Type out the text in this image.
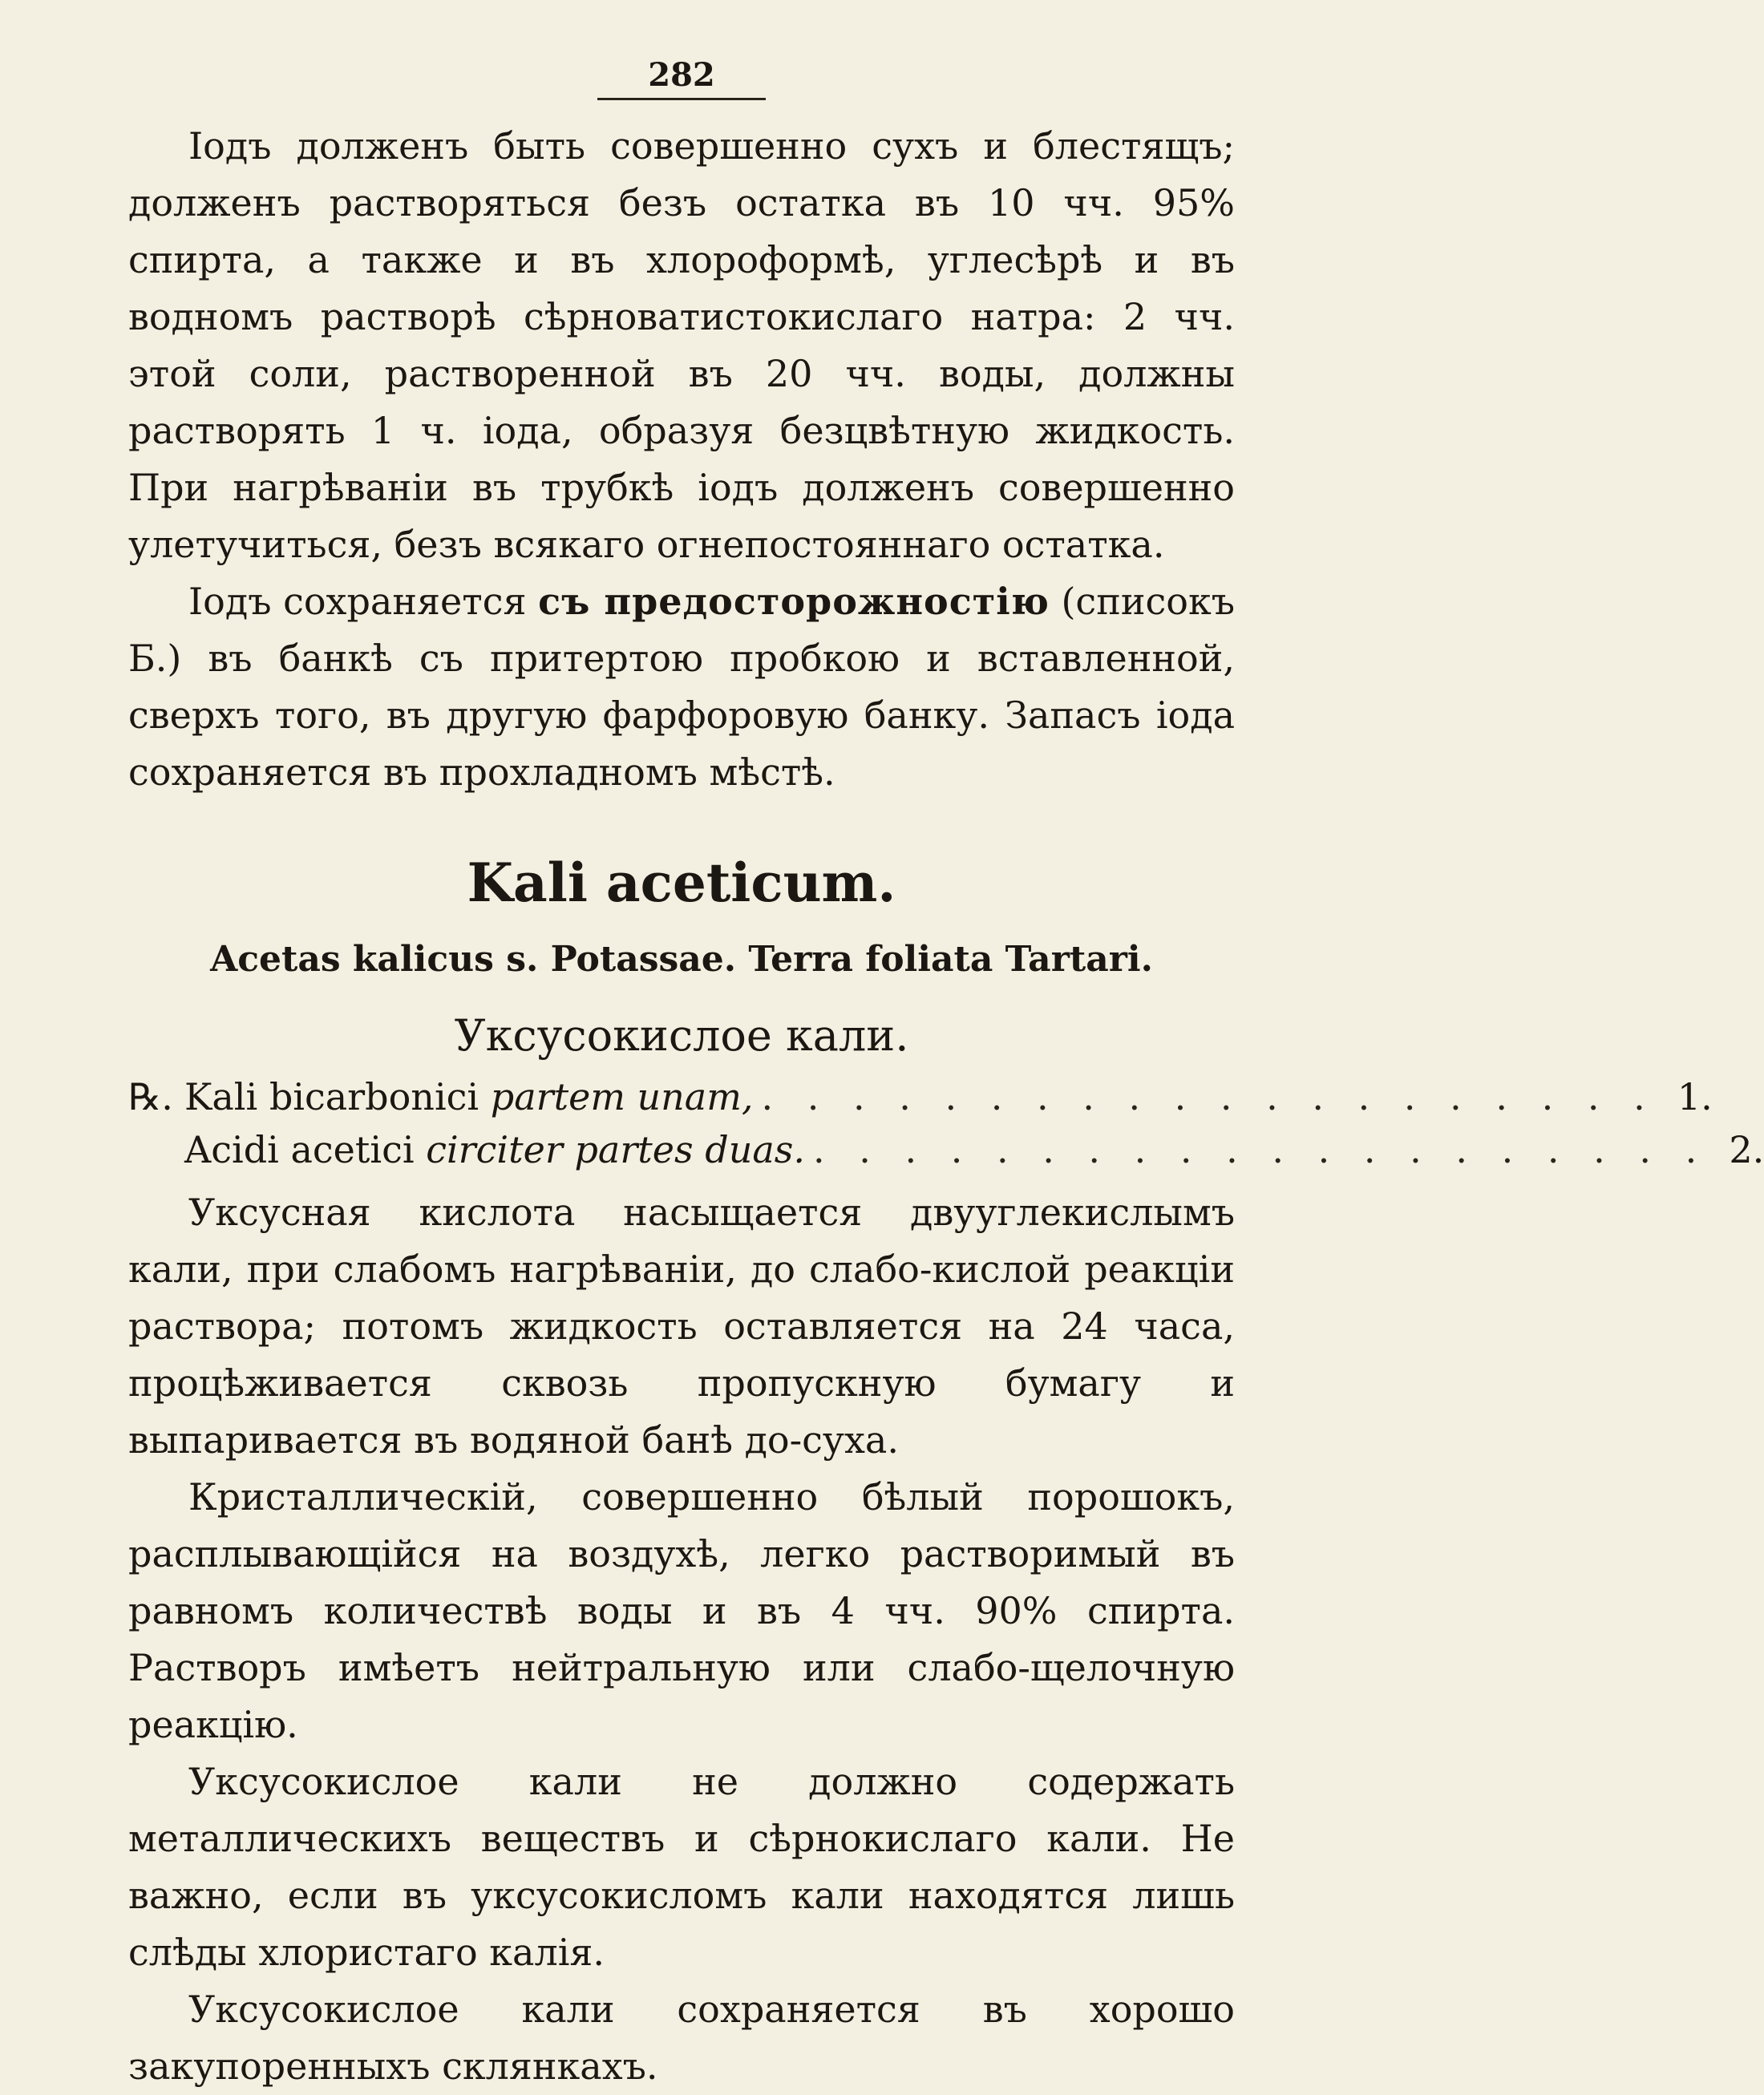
282

Іодъ долженъ быть совершенно сухъ и блестящъ; долженъ растворяться безъ остатка въ 10 чч. 95% спирта, а также и въ хлороформѣ, углесѣрѣ и въ водномъ растворѣ сѣрноватистокислаго натра: 2 чч. этой соли, растворенной въ 20 чч. воды, должны растворять 1 ч. іода, образуя безцвѣтную жидкость. При нагрѣваніи въ трубкѣ іодъ долженъ совершенно улетучиться, безъ всякаго огнепостояннаго остатка.

Іодъ сохраняется съ предосторожностію (списокъ Б.) въ банкѣ съ притертою пробкою и вставленной, сверхъ того, въ другую фарфоровую банку. Запасъ іода сохраняется въ прохладномъ мѣстѣ.

Kali aceticum.
Acetas kalicus s. Potassae. Terra foliata Tartari.
Уксусокислое кали.
℞. Kali bicarbonici partem unam, . . . . . . . . . . . . . . . . . . . . 1.
Acidi acetici circiter partes duas. . . . . . . . . . . . . . . . . . . . . 2.

Уксусная кислота насыщается двууглекислымъ кали, при слабомъ нагрѣваніи, до слабо-кислой реакціи раствора; потомъ жидкость оставляется на 24 часа, процѣживается сквозь пропускную бумагу и выпаривается въ водяной банѣ до-суха.

Кристаллическій, совершенно бѣлый порошокъ, расплывающійся на воздухѣ, легко растворимый въ равномъ количествѣ воды и въ 4 чч. 90% спирта. Растворъ имѣетъ нейтральную или слабо-щелочную реакцію.

Уксусокислое кали не должно содержать металлическихъ веществъ и сѣрнокислаго кали. Не важно, если въ уксусокисломъ кали находятся лишь слѣды хлористаго калія.

Уксусокислое кали сохраняется въ хорошо закупоренныхъ склянкахъ.
